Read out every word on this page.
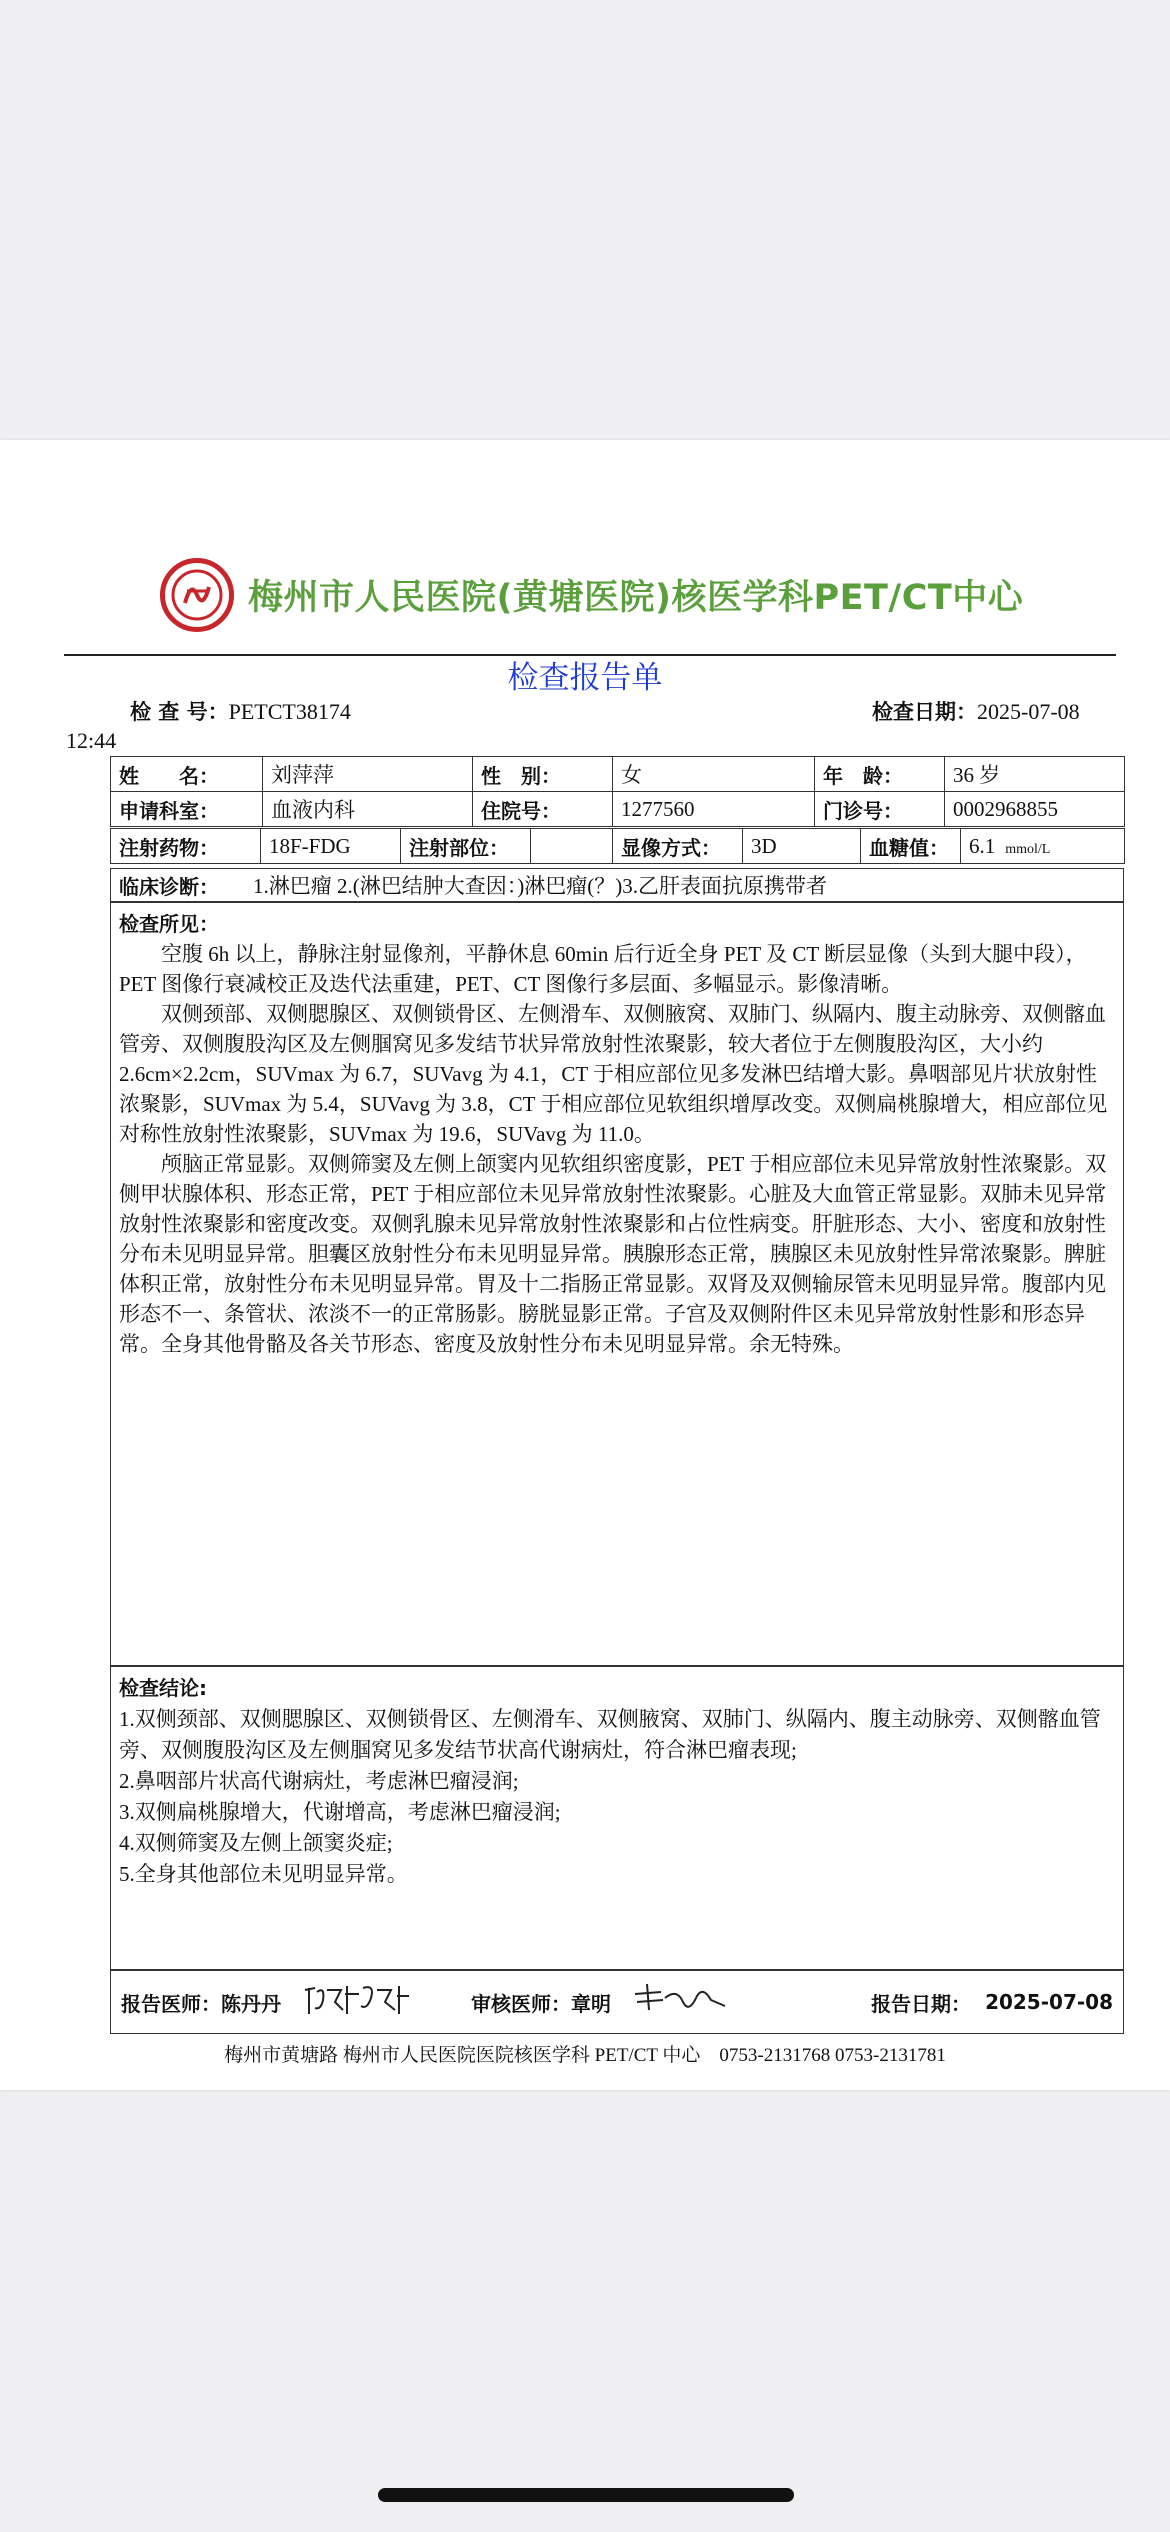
梅州市人民医院(黄塘医院)核医学科PET/CT中心
检查报告单
检 查 号：PETCT38174	检查日期：2025-07-08
12:44
姓　　名：	刘萍萍	性　别：	女	年　龄：	36 岁
申请科室：	血液内科	住院号：	1277560	门诊号：	0002968855
注射药物：	18F-FDG	注射部位：		显像方式：	3D	血糖值：	6.1 mmol/L
临床诊断： 1.淋巴瘤 2.(淋巴结肿大查因：)淋巴瘤(？)3.乙肝表面抗原携带者

检查所见：

空腹 6h 以上，静脉注射显像剂，平静休息 60min 后行近全身 PET 及 CT 断层显像（头到大腿中段），PET 图像行衰减校正及迭代法重建，PET、CT 图像行多层面、多幅显示。影像清晰。

双侧颈部、双侧腮腺区、双侧锁骨区、左侧滑车、双侧腋窝、双肺门、纵隔内、腹主动脉旁、双侧髂血管旁、双侧腹股沟区及左侧腘窝见多发结节状异常放射性浓聚影，较大者位于左侧腹股沟区，大小约 2.6cm×2.2cm，SUVmax 为 6.7，SUVavg 为 4.1，CT 于相应部位见多发淋巴结增大影。鼻咽部见片状放射性浓聚影，SUVmax 为 5.4，SUVavg 为 3.8，CT 于相应部位见软组织增厚改变。双侧扁桃腺增大，相应部位见对称性放射性浓聚影，SUVmax 为 19.6，SUVavg 为 11.0。

颅脑正常显影。双侧筛窦及左侧上颌窦内见软组织密度影，PET 于相应部位未见异常放射性浓聚影。双侧甲状腺体积、形态正常，PET 于相应部位未见异常放射性浓聚影。心脏及大血管正常显影。双肺未见异常放射性浓聚影和密度改变。双侧乳腺未见异常放射性浓聚影和占位性病变。肝脏形态、大小、密度和放射性分布未见明显异常。胆囊区放射性分布未见明显异常。胰腺形态正常，胰腺区未见放射性异常浓聚影。脾脏体积正常，放射性分布未见明显异常。胃及十二指肠正常显影。双肾及双侧输尿管未见明显异常。腹部内见形态不一、条管状、浓淡不一的正常肠影。膀胱显影正常。子宫及双侧附件区未见异常放射性影和形态异常。全身其他骨骼及各关节形态、密度及放射性分布未见明显异常。余无特殊。

检查结论:

1.双侧颈部、双侧腮腺区、双侧锁骨区、左侧滑车、双侧腋窝、双肺门、纵隔内、腹主动脉旁、双侧髂血管旁、双侧腹股沟区及左侧腘窝见多发结节状高代谢病灶，符合淋巴瘤表现;

2.鼻咽部片状高代谢病灶，考虑淋巴瘤浸润;

3.双侧扁桃腺增大，代谢增高，考虑淋巴瘤浸润;

4.双侧筛窦及左侧上颌窦炎症;

5.全身其他部位未见明显异常。

报告医师： 陈丹丹	审核医师： 章明	报告日期： 2025-07-08
梅州市黄塘路 梅州市人民医院医院核医学科 PET/CT 中心　0753-2131768 0753-2131781
